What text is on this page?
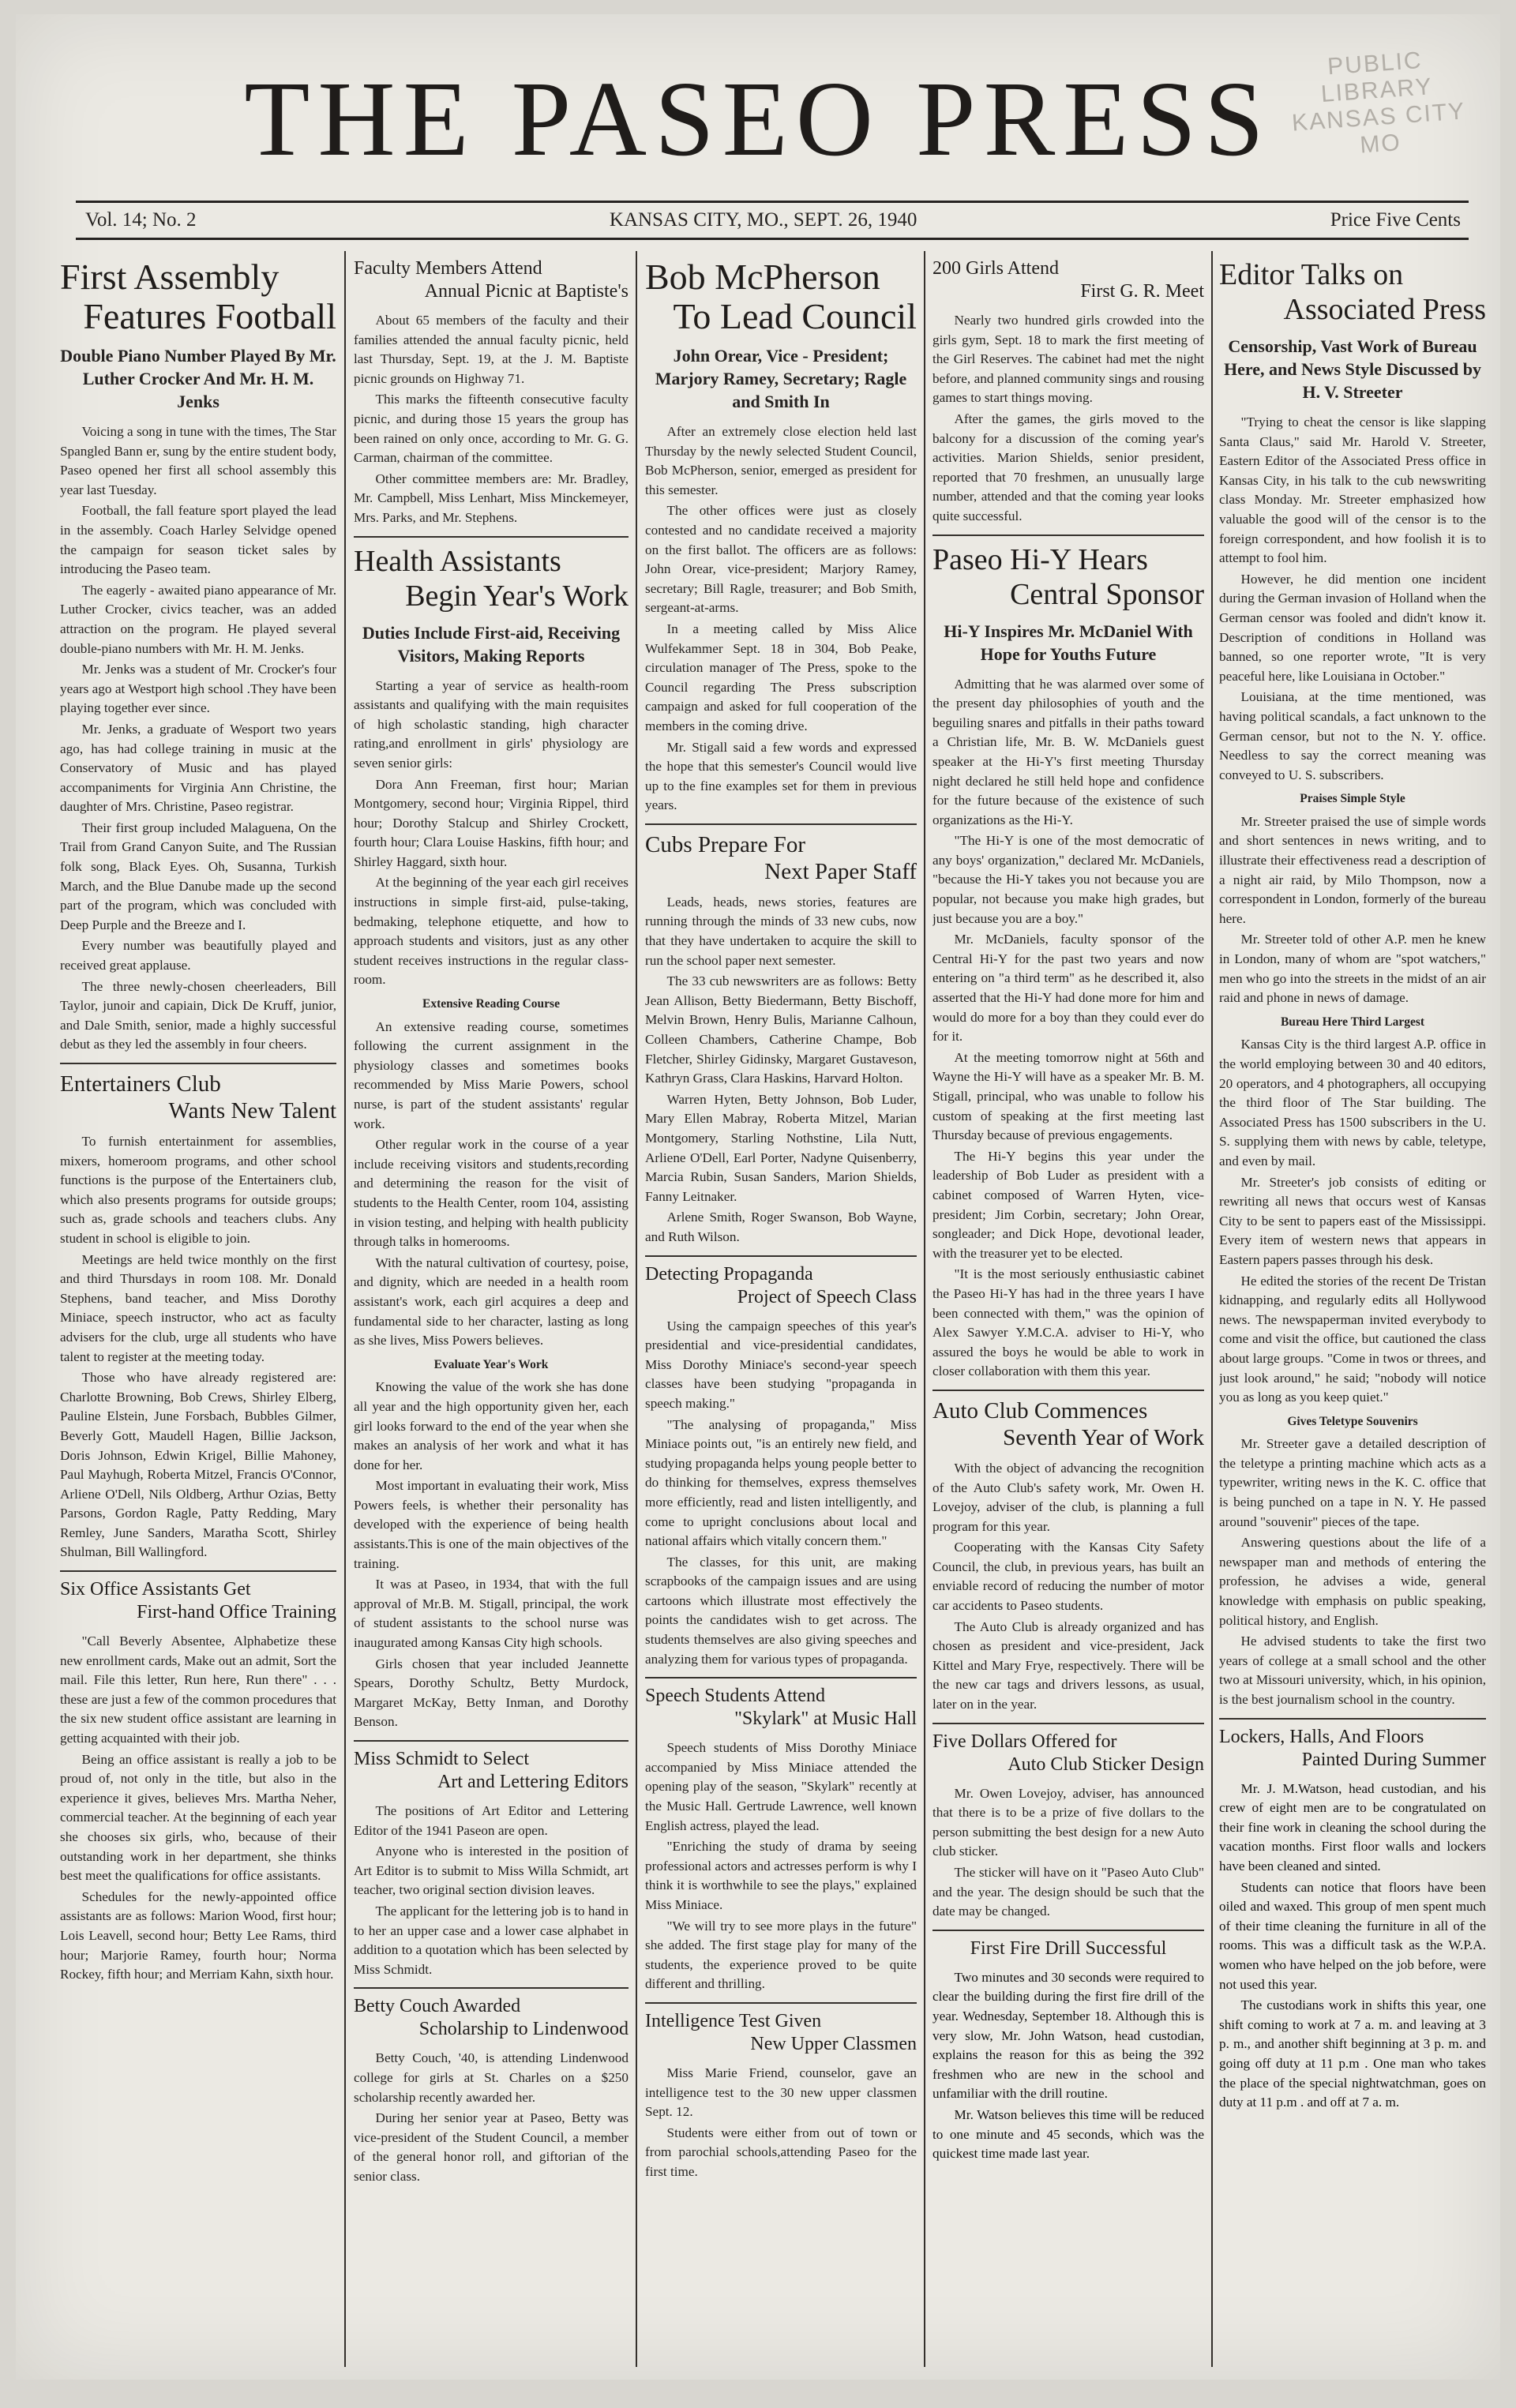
THE PASEO PRESS	PUBLIC LIBRARY
KANSAS CITY
MO
Vol. 14; No. 2	KANSAS CITY, MO., SEPT. 26, 1940	Price Five Cents
First Assembly
Features Football
Double Piano Number Played By Mr. Luther Crocker And Mr. H. M. Jenks

Voicing a song in tune with the times, The Star Spangled Bann er, sung by the entire student body, Paseo opened her first all school assembly this year last Tuesday.

Football, the fall feature sport played the lead in the assembly. Coach Harley Selvidge opened the campaign for season ticket sales by introducing the Paseo team.

The eagerly - awaited piano appearance of Mr. Luther Crocker, civics teacher, was an added attraction on the program. He played several double-piano numbers with Mr. H. M. Jenks.

Mr. Jenks was a student of Mr. Crocker's four years ago at Westport high school .They have been playing together ever since.

Mr. Jenks, a graduate of Wesport two years ago, has had college training in music at the Conservatory of Music and has played accompaniments for Virginia Ann Christine, the daughter of Mrs. Christine, Paseo registrar.

Their first group included Malaguena, On the Trail from Grand Canyon Suite, and The Russian folk song, Black Eyes. Oh, Susanna, Turkish March, and the Blue Danube made up the second part of the program, which was concluded with Deep Purple and the Breeze and I.

Every number was beautifully played and received great applause.

The three newly-chosen cheerleaders, Bill Taylor, junoir and capiain, Dick De Kruff, junior, and Dale Smith, senior, made a highly successful debut as they led the assembly in four cheers.

Entertainers Club
Wants New Talent

To furnish entertainment for assemblies, mixers, homeroom programs, and other school functions is the purpose of the Entertainers club, which also presents programs for outside groups; such as, grade schools and teachers clubs. Any student in school is eligible to join.

Meetings are held twice monthly on the first and third Thursdays in room 108. Mr. Donald Stephens, band teacher, and Miss Dorothy Miniace, speech instructor, who act as faculty advisers for the club, urge all students who have talent to register at the meeting today.

Those who have already registered are: Charlotte Browning, Bob Crews, Shirley Elberg, Pauline Elstein, June Forsbach, Bubbles Gilmer, Beverly Gott, Maudell Hagen, Billie Jackson, Doris Johnson, Edwin Krigel, Billie Mahoney, Paul Mayhugh, Roberta Mitzel, Francis O'Connor, Arliene O'Dell, Nils Oldberg, Arthur Ozias, Betty Parsons, Gordon Ragle, Patty Redding, Mary Remley, June Sanders, Maratha Scott, Shirley Shulman, Bill Wallingford.

Six Office Assistants Get
First-hand Office Training

"Call Beverly Absentee, Alphabetize these new enrollment cards, Make out an admit, Sort the mail. File this letter, Run here, Run there" . . . these are just a few of the common procedures that the six new student office assistant are learning in getting acquainted with their job.

Being an office assistant is really a job to be proud of, not only in the title, but also in the experience it gives, believes Mrs. Martha Neher, commercial teacher. At the beginning of each year she chooses six girls, who, because of their outstanding work in her department, she thinks best meet the qualifications for office assistants.

Schedules for the newly-appointed office assistants are as follows: Marion Wood, first hour; Lois Leavell, second hour; Betty Lee Rams, third hour; Marjorie Ramey, fourth hour; Norma Rockey, fifth hour; and Merriam Kahn, sixth hour.

Faculty Members Attend
Annual Picnic at Baptiste's

About 65 members of the faculty and their families attended the annual faculty picnic, held last Thursday, Sept. 19, at the J. M. Baptiste picnic grounds on Highway 71.

This marks the fifteenth consecutive faculty picnic, and during those 15 years the group has been rained on only once, according to Mr. G. G. Carman, chairman of the committee.

Other committee members are: Mr. Bradley, Mr. Campbell, Miss Lenhart, Miss Minckemeyer, Mrs. Parks, and Mr. Stephens.

Health Assistants
Begin Year's Work
Duties Include First-aid, Receiving Visitors, Making Reports

Starting a year of service as health-room assistants and qualifying with the main requisites of high scholastic standing, high character rating,and enrollment in girls' physiology are seven senior girls:

Dora Ann Freeman, first hour; Marian Montgomery, second hour; Virginia Rippel, third hour; Dorothy Stalcup and Shirley Crockett, fourth hour; Clara Louise Haskins, fifth hour; and Shirley Haggard, sixth hour.

At the beginning of the year each girl receives instructions in simple first-aid, pulse-taking, bedmaking, telephone etiquette, and how to approach students and visitors, just as any other student receives instructions in the regular class-room.

Extensive Reading Course

An extensive reading course, sometimes following the current assignment in the physiology classes and sometimes books recommended by Miss Marie Powers, school nurse, is part of the student assistants' regular work.

Other regular work in the course of a year include receiving visitors and students,recording and determining the reason for the visit of students to the Health Center, room 104, assisting in vision testing, and helping with health publicity through talks in homerooms.

With the natural cultivation of courtesy, poise, and dignity, which are needed in a health room assistant's work, each girl acquires a deep and fundamental side to her character, lasting as long as she lives, Miss Powers believes.

Evaluate Year's Work

Knowing the value of the work she has done all year and the high opportunity given her, each girl looks forward to the end of the year when she makes an analysis of her work and what it has done for her.

Most important in evaluating their work, Miss Powers feels, is whether their personality has developed with the experience of being health assistants.This is one of the main objectives of the training.

It was at Paseo, in 1934, that with the full approval of Mr.B. M. Stigall, principal, the work of student assistants to the school nurse was inaugurated among Kansas City high schools.

Girls chosen that year included Jeannette Spears, Dorothy Schultz, Betty Murdock, Margaret McKay, Betty Inman, and Dorothy Benson.

Miss Schmidt to Select
Art and Lettering Editors

The positions of Art Editor and Lettering Editor of the 1941 Paseon are open.

Anyone who is interested in the position of Art Editor is to submit to Miss Willa Schmidt, art teacher, two original section division leaves.

The applicant for the lettering job is to hand in to her an upper case and a lower case alphabet in addition to a quotation which has been selected by Miss Schmidt.

Betty Couch Awarded
Scholarship to Lindenwood

Betty Couch, '40, is attending Lindenwood college for girls at St. Charles on a $250 scholarship recently awarded her.

During her senior year at Paseo, Betty was vice-president of the Student Council, a member of the general honor roll, and giftorian of the senior class.

Bob McPherson
To Lead Council
John Orear, Vice - President; Marjory Ramey, Secretary; Ragle and Smith In

After an extremely close election held last Thursday by the newly selected Student Council, Bob McPherson, senior, emerged as president for this semester.

The other offices were just as closely contested and no candidate received a majority on the first ballot. The officers are as follows: John Orear, vice-president; Marjory Ramey, secretary; Bill Ragle, treasurer; and Bob Smith, sergeant-at-arms.

In a meeting called by Miss Alice Wulfekammer Sept. 18 in 304, Bob Peake, circulation manager of The Press, spoke to the Council regarding The Press subscription campaign and asked for full cooperation of the members in the coming drive.

Mr. Stigall said a few words and expressed the hope that this semester's Council would live up to the fine examples set for them in previous years.

Cubs Prepare For
Next Paper Staff

Leads, heads, news stories, features are running through the minds of 33 new cubs, now that they have undertaken to acquire the skill to run the school paper next semester.

The 33 cub newswriters are as follows: Betty Jean Allison, Betty Biedermann, Betty Bischoff, Melvin Brown, Henry Bulis, Marianne Calhoun, Colleen Chambers, Catherine Champe, Bob Fletcher, Shirley Gidinsky, Margaret Gustaveson, Kathryn Grass, Clara Haskins, Harvard Holton.

Warren Hyten, Betty Johnson, Bob Luder, Mary Ellen Mabray, Roberta Mitzel, Marian Montgomery, Starling Nothstine, Lila Nutt, Arliene O'Dell, Earl Porter, Nadyne Quisenberry, Marcia Rubin, Susan Sanders, Marion Shields, Fanny Leitnaker.

Arlene Smith, Roger Swanson, Bob Wayne, and Ruth Wilson.

Detecting Propaganda
Project of Speech Class

Using the campaign speeches of this year's presidential and vice-presidential candidates, Miss Dorothy Miniace's second-year speech classes have been studying "propaganda in speech making."

"The analysing of propaganda," Miss Miniace points out, "is an entirely new field, and studying propaganda helps young people better to do thinking for themselves, express themselves more efficiently, read and listen intelligently, and come to upright conclusions about local and national affairs which vitally concern them."

The classes, for this unit, are making scrapbooks of the campaign issues and are using cartoons which illustrate most effectively the points the candidates wish to get across. The students themselves are also giving speeches and analyzing them for various types of propaganda.

Speech Students Attend
"Skylark" at Music Hall

Speech students of Miss Dorothy Miniace accompanied by Miss Miniace attended the opening play of the season, "Skylark" recently at the Music Hall. Gertrude Lawrence, well known English actress, played the lead.

"Enriching the study of drama by seeing professional actors and actresses perform is why I think it is worthwhile to see the plays," explained Miss Miniace.

"We will try to see more plays in the future" she added. The first stage play for many of the students, the experience proved to be quite different and thrilling.

Intelligence Test Given
New Upper Classmen

Miss Marie Friend, counselor, gave an intelligence test to the 30 new upper classmen Sept. 12.

Students were either from out of town or from parochial schools,attending Paseo for the first time.

200 Girls Attend
First G. R. Meet

Nearly two hundred girls crowded into the girls gym, Sept. 18 to mark the first meeting of the Girl Reserves. The cabinet had met the night before, and planned community sings and rousing games to start things moving.

After the games, the girls moved to the balcony for a discussion of the coming year's activities. Marion Shields, senior president, reported that 70 freshmen, an unusually large number, attended and that the coming year looks quite successful.

Paseo Hi-Y Hears
Central Sponsor
Hi-Y Inspires Mr. McDaniel With Hope for Youths Future

Admitting that he was alarmed over some of the present day philosophies of youth and the beguiling snares and pitfalls in their paths toward a Christian life, Mr. B. W. McDaniels guest speaker at the Hi-Y's first meeting Thursday night declared he still held hope and confidence for the future because of the existence of such organizations as the Hi-Y.

"The Hi-Y is one of the most democratic of any boys' organization," declared Mr. McDaniels, "because the Hi-Y takes you not because you are popular, not because you make high grades, but just because you are a boy."

Mr. McDaniels, faculty sponsor of the Central Hi-Y for the past two years and now entering on "a third term" as he described it, also asserted that the Hi-Y had done more for him and would do more for a boy than they could ever do for it.

At the meeting tomorrow night at 56th and Wayne the Hi-Y will have as a speaker Mr. B. M. Stigall, principal, who was unable to follow his custom of speaking at the first meeting last Thursday because of previous engagements.

The Hi-Y begins this year under the leadership of Bob Luder as president with a cabinet composed of Warren Hyten, vice-president; Jim Corbin, secretary; John Orear, songleader; and Dick Hope, devotional leader, with the treasurer yet to be elected.

"It is the most seriously enthusiastic cabinet the Paseo Hi-Y has had in the three years I have been connected with them," was the opinion of Alex Sawyer Y.M.C.A. adviser to Hi-Y, who assured the boys he would be able to work in closer collaboration with them this year.

Auto Club Commences
Seventh Year of Work

With the object of advancing the recognition of the Auto Club's safety work, Mr. Owen H. Lovejoy, adviser of the club, is planning a full program for this year.

Cooperating with the Kansas City Safety Council, the club, in previous years, has built an enviable record of reducing the number of motor car accidents to Paseo students.

The Auto Club is already organized and has chosen as president and vice-president, Jack Kittel and Mary Frye, respectively. There will be the new car tags and drivers lessons, as usual, later on in the year.

Five Dollars Offered for
Auto Club Sticker Design

Mr. Owen Lovejoy, adviser, has announced that there is to be a prize of five dollars to the person submitting the best design for a new Auto club sticker.

The sticker will have on it "Paseo Auto Club" and the year. The design should be such that the date may be changed.

First Fire Drill Successful

Two minutes and 30 seconds were required to clear the building during the first fire drill of the year. Wednesday, September 18. Although this is very slow, Mr. John Watson, head custodian, explains the reason for this as being the 392 freshmen who are new in the school and unfamiliar with the drill routine.

Mr. Watson believes this time will be reduced to one minute and 45 seconds, which was the quickest time made last year.

Editor Talks on
Associated Press
Censorship, Vast Work of Bureau Here, and News Style Discussed by H. V. Streeter

"Trying to cheat the censor is like slapping Santa Claus," said Mr. Harold V. Streeter, Eastern Editor of the Associated Press office in Kansas City, in his talk to the cub newswriting class Monday. Mr. Streeter emphasized how valuable the good will of the censor is to the foreign correspondent, and how foolish it is to attempt to fool him.

However, he did mention one incident during the German invasion of Holland when the German censor was fooled and didn't know it. Description of conditions in Holland was banned, so one reporter wrote, "It is very peaceful here, like Louisiana in October."

Louisiana, at the time mentioned, was having political scandals, a fact unknown to the German censor, but not to the N. Y. office. Needless to say the correct meaning was conveyed to U. S. subscribers.

Praises Simple Style

Mr. Streeter praised the use of simple words and short sentences in news writing, and to illustrate their effectiveness read a description of a night air raid, by Milo Thompson, now a correspondent in London, formerly of the bureau here.

Mr. Streeter told of other A.P. men he knew in London, many of whom are "spot watchers," men who go into the streets in the midst of an air raid and phone in news of damage.

Bureau Here Third Largest

Kansas City is the third largest A.P. office in the world employing between 30 and 40 editors, 20 operators, and 4 photographers, all occupying the third floor of The Star building. The Associated Press has 1500 subscribers in the U. S. supplying them with news by cable, teletype, and even by mail.

Mr. Streeter's job consists of editing or rewriting all news that occurs west of Kansas City to be sent to papers east of the Mississippi. Every item of western news that appears in Eastern papers passes through his desk.

He edited the stories of the recent De Tristan kidnapping, and regularly edits all Hollywood news. The newspaperman invited everybody to come and visit the office, but cautioned the class about large groups. "Come in twos or threes, and just look around," he said; "nobody will notice you as long as you keep quiet."

Gives Teletype Souvenirs

Mr. Streeter gave a detailed description of the teletype a printing machine which acts as a typewriter, writing news in the K. C. office that is being punched on a tape in N. Y. He passed around "souvenir" pieces of the tape.

Answering questions about the life of a newspaper man and methods of entering the profession, he advises a wide, general knowledge with emphasis on public speaking, political history, and English.

He advised students to take the first two years of college at a small school and the other two at Missouri university, which, in his opinion, is the best journalism school in the country.

Lockers, Halls, And Floors
Painted During Summer

Mr. J. M.Watson, head custodian, and his crew of eight men are to be congratulated on their fine work in cleaning the school during the vacation months. First floor walls and lockers have been cleaned and sinted.

Students can notice that floors have been oiled and waxed. This group of men spent much of their time cleaning the furniture in all of the rooms. This was a difficult task as the W.P.A. women who have helped on the job before, were not used this year.

The custodians work in shifts this year, one shift coming to work at 7 a. m. and leaving at 3 p. m., and another shift beginning at 3 p. m. and going off duty at 11 p.m . One man who takes the place of the special nightwatchman, goes on duty at 11 p.m . and off at 7 a. m.
